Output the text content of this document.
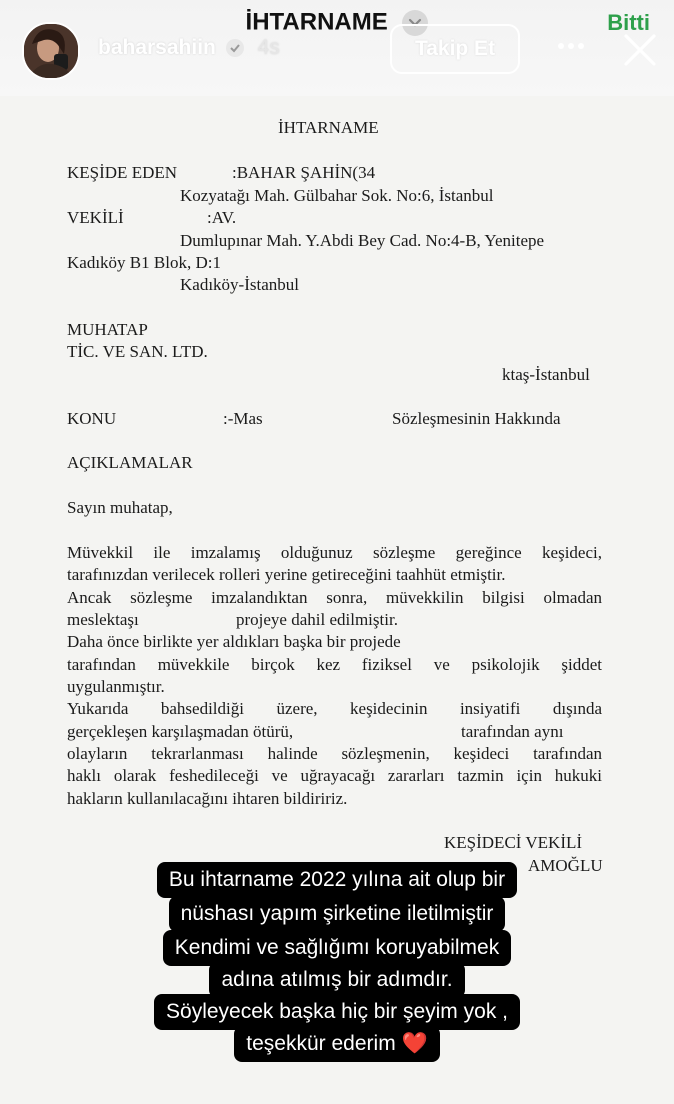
İHTARNAME	Bitti
baharsahiin 4s	Takip Et
İHTARNAME
KEŞİDE EDEN	:BAHAR ŞAHİN(34
Kozyatağı Mah. Gülbahar Sok. No:6, İstanbul
VEKİLİ	:AV.
Dumlupınar Mah. Y.Abdi Bey Cad. No:4-B, Yenitepe
Kadıköy B1 Blok, D:1
Kadıköy-İstanbul
MUHATAP
TİC. VE SAN. LTD.
ktaş-İstanbul
KONU	:-Mas	Sözleşmesinin Hakkında
AÇIKLAMALAR
Sayın muhatap,
Müvekkil ile imzalamış olduğunuz sözleşme gereğince keşideci,
tarafınızdan verilecek rolleri yerine getireceğini taahhüt etmiştir.
Ancak sözleşme imzalandıktan sonra, müvekkilin bilgisi olmadan
meslektaşı	projeye dahil edilmiştir.
Daha önce birlikte yer aldıkları başka bir projede
tarafından müvekkile birçok kez fiziksel ve psikolojik şiddet
uygulanmıştır.
Yukarıda bahsedildiği üzere, keşidecinin insiyatifi dışında
gerçekleşen karşılaşmadan ötürü,	tarafından aynı
olayların tekrarlanması halinde sözleşmenin, keşideci tarafından
haklı olarak feshedileceği ve uğrayacağı zararları tazmin için hukuki
hakların kullanılacağını ihtaren bildiririz.
KEŞİDECİ VEKİLİ
AMOĞLU
Bu ihtarname 2022 yılına ait olup bir
nüshası yapım şirketine iletilmiştir
Kendimi ve sağlığımı koruyabilmek
adına atılmış bir adımdır.
Söyleyecek başka hiç bir şeyim yok ,
teşekkür ederim ❤️
